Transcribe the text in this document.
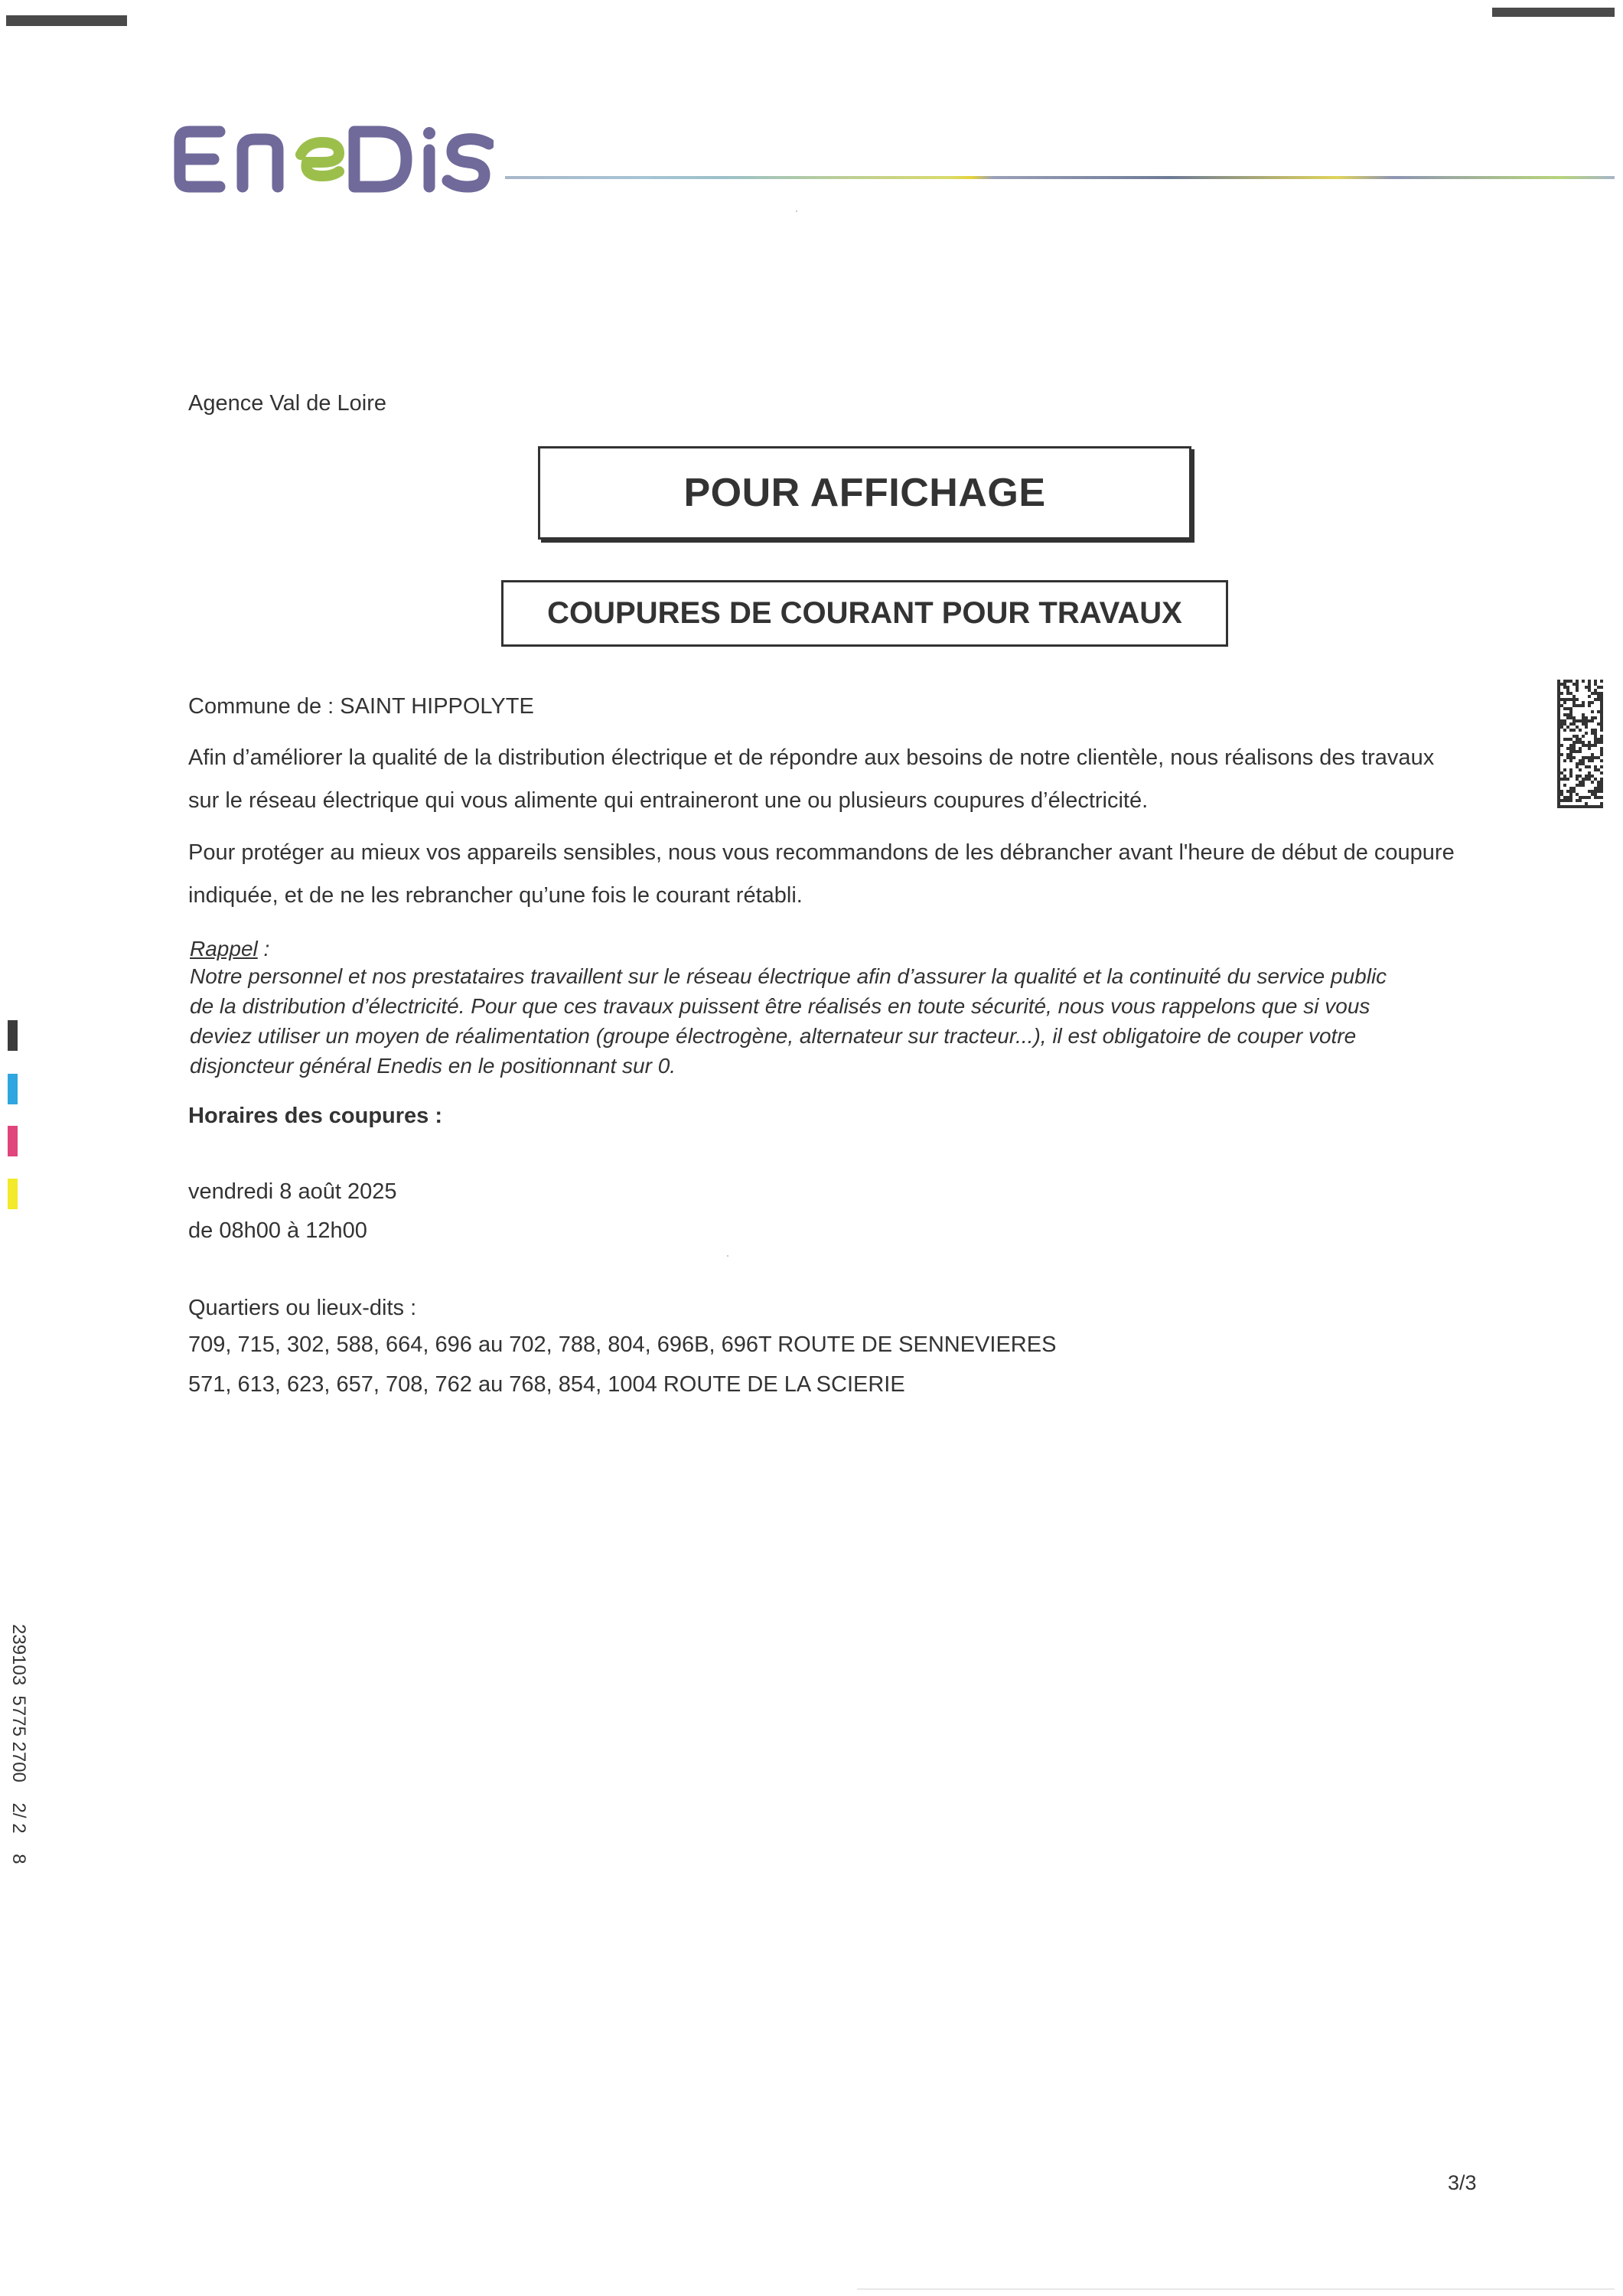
Agence Val de Loire
POUR AFFICHAGE
COUPURES DE COURANT POUR TRAVAUX
Commune de : SAINT HIPPOLYTE
Afin d’améliorer la qualité de la distribution électrique et de répondre aux besoins de notre clientèle, nous réalisons des travaux
sur le réseau électrique qui vous alimente qui entraineront une ou plusieurs coupures d’électricité.
Pour protéger au mieux vos appareils sensibles, nous vous recommandons de les débrancher avant l'heure de début de coupure
indiquée, et de ne les rebrancher qu’une fois le courant rétabli.
Rappel :
Notre personnel et nos prestataires travaillent sur le réseau électrique afin d’assurer la qualité et la continuité du service public
de la distribution d’électricité. Pour que ces travaux puissent être réalisés en toute sécurité, nous vous rappelons que si vous
deviez utiliser un moyen de réalimentation (groupe électrogène, alternateur sur tracteur...), il est obligatoire de couper votre
disjoncteur général Enedis en le positionnant sur 0.
Horaires des coupures :
vendredi 8 août 2025
de 08h00 à 12h00
Quartiers ou lieux-dits :
709, 715, 302, 588, 664, 696 au 702, 788, 804, 696B, 696T ROUTE DE SENNEVIERES
571, 613, 623, 657, 708, 762 au 768, 854, 1004 ROUTE DE LA SCIERIE
239103  5775 2700    2/ 2    8
3/3
